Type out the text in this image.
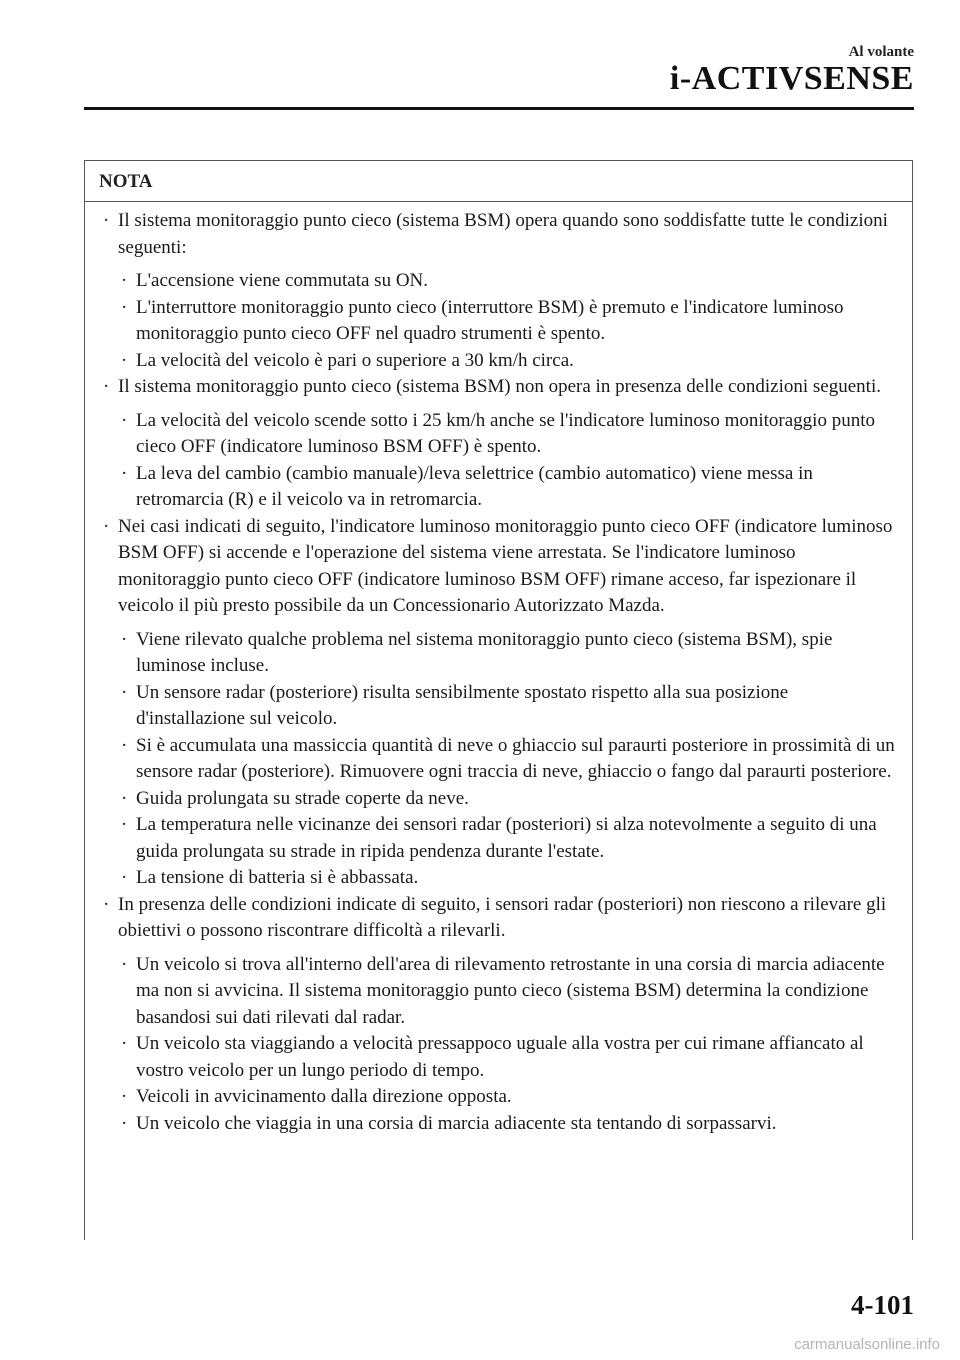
Al volante
i-ACTIVSENSE
NOTA
· Il sistema monitoraggio punto cieco (sistema BSM) opera quando sono soddisfatte tutte le condizioni seguenti:
· L'accensione viene commutata su ON.
· L'interruttore monitoraggio punto cieco (interruttore BSM) è premuto e l'indicatore luminoso monitoraggio punto cieco OFF nel quadro strumenti è spento.
· La velocità del veicolo è pari o superiore a 30 km/h circa.
· Il sistema monitoraggio punto cieco (sistema BSM) non opera in presenza delle condizioni seguenti.
· La velocità del veicolo scende sotto i 25 km/h anche se l'indicatore luminoso monitoraggio punto cieco OFF (indicatore luminoso BSM OFF) è spento.
· La leva del cambio (cambio manuale)/leva selettrice (cambio automatico) viene messa in retromarcia (R) e il veicolo va in retromarcia.
· Nei casi indicati di seguito, l'indicatore luminoso monitoraggio punto cieco OFF (indicatore luminoso BSM OFF) si accende e l'operazione del sistema viene arrestata. Se l'indicatore luminoso monitoraggio punto cieco OFF (indicatore luminoso BSM OFF) rimane acceso, far ispezionare il veicolo il più presto possibile da un Concessionario Autorizzato Mazda.
· Viene rilevato qualche problema nel sistema monitoraggio punto cieco (sistema BSM), spie luminose incluse.
· Un sensore radar (posteriore) risulta sensibilmente spostato rispetto alla sua posizione d'installazione sul veicolo.
· Si è accumulata una massiccia quantità di neve o ghiaccio sul paraurti posteriore in prossimità di un sensore radar (posteriore). Rimuovere ogni traccia di neve, ghiaccio o fango dal paraurti posteriore.
· Guida prolungata su strade coperte da neve.
· La temperatura nelle vicinanze dei sensori radar (posteriori) si alza notevolmente a seguito di una guida prolungata su strade in ripida pendenza durante l'estate.
· La tensione di batteria si è abbassata.
· In presenza delle condizioni indicate di seguito, i sensori radar (posteriori) non riescono a rilevare gli obiettivi o possono riscontrare difficoltà a rilevarli.
· Un veicolo si trova all'interno dell'area di rilevamento retrostante in una corsia di marcia adiacente ma non si avvicina. Il sistema monitoraggio punto cieco (sistema BSM) determina la condizione basandosi sui dati rilevati dal radar.
· Un veicolo sta viaggiando a velocità pressappoco uguale alla vostra per cui rimane affiancato al vostro veicolo per un lungo periodo di tempo.
· Veicoli in avvicinamento dalla direzione opposta.
· Un veicolo che viaggia in una corsia di marcia adiacente sta tentando di sorpassarvi.
4-101
carmanualsonline.info
